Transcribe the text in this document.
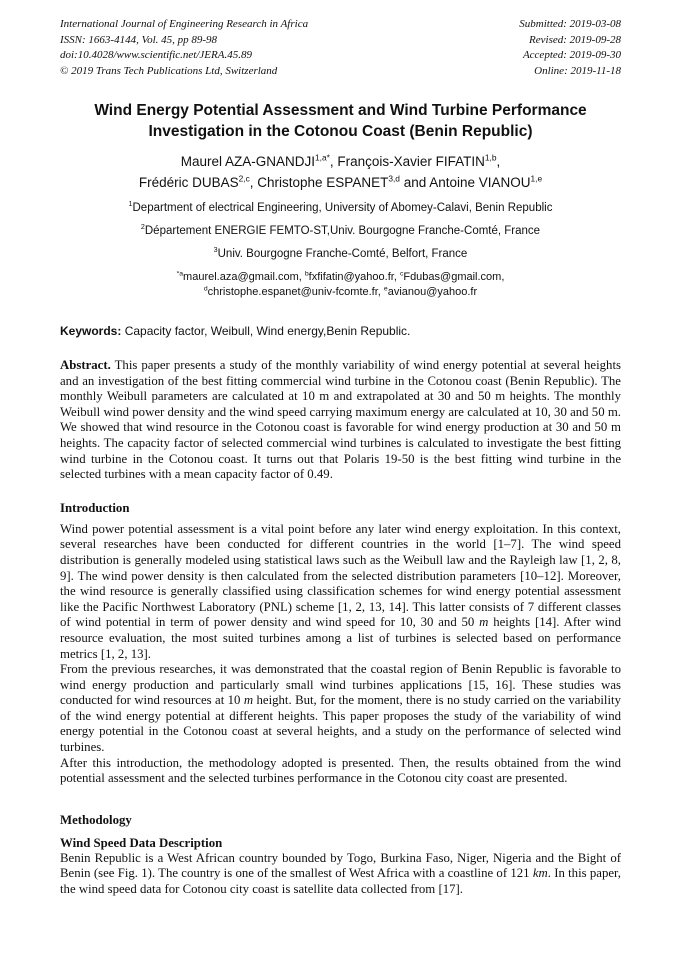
International Journal of Engineering Research in Africa
ISSN: 1663-4144, Vol. 45, pp 89-98
doi:10.4028/www.scientific.net/JERA.45.89
© 2019 Trans Tech Publications Ltd, Switzerland
Submitted: 2019-03-08
Revised: 2019-09-28
Accepted: 2019-09-30
Online: 2019-11-18
Wind Energy Potential Assessment and Wind Turbine Performance Investigation in the Cotonou Coast (Benin Republic)
Maurel AZA-$GNANDJI^{1,a*}$, François-Xavier FIFATIN$^{1,b}$,
Frédéric DUBAS$^{2,c}$, Christophe ESPANET$^{3,d}$ and Antoine VIANOU$^{1,e}$
$^1$Department of electrical Engineering, University of Abomey-Calavi, Benin Republic
$^2$Département ENERGIE FEMTO-ST,Univ. Bourgogne Franche-Comté, France
$^3$Univ. Bourgogne Franche-Comté, Belfort, France
$^{*a}$maurel.aza@gmail.com, $^b$fxfifatin@yahoo.fr, $^c$Fdubas@gmail.com,
$^d$christophe.espanet@univ-fcomte.fr, $^e$avianou@yahoo.fr
Keywords: Capacity factor, Weibull, Wind energy,Benin Republic.

Abstract. This paper presents a study of the monthly variability of wind energy potential at several heights and an investigation of the best fitting commercial wind turbine in the Cotonou coast (Benin Republic). The monthly Weibull parameters are calculated at 10 m and extrapolated at 30 and 50 m heights. The monthly Weibull wind power density and the wind speed carrying maximum energy are calculated at 10, 30 and 50 m. We showed that wind resource in the Cotonou coast is favorable for wind energy production at 30 and 50 m heights. The capacity factor of selected commercial wind turbines is calculated to investigate the best fitting wind turbine in the Cotonou coast. It turns out that Polaris 19-50 is the best fitting wind turbine in the selected turbines with a mean capacity factor of 0.49.

Introduction

Wind power potential assessment is a vital point before any later wind energy exploitation. In this context, several researches have been conducted for different countries in the world [1–7]. The wind speed distribution is generally modeled using statistical laws such as the Weibull law and the Rayleigh law [1, 2, 8, 9]. The wind power density is then calculated from the selected distribution parameters [10–12]. Moreover, the wind resource is generally classified using classification schemes for wind energy potential assessment like the Pacific Northwest Laboratory (PNL) scheme [1, 2, 13, 14]. This latter consists of 7 different classes of wind potential in term of power density and wind speed for 10, 30 and 50 m heights [14]. After wind resource evaluation, the most suited turbines among a list of turbines is selected based on performance metrics [1, 2, 13].

From the previous researches, it was demonstrated that the coastal region of Benin Republic is favorable to wind energy production and particularly small wind turbines applications [15, 16]. These studies was conducted for wind resources at 10 m height. But, for the moment, there is no study carried on the variability of the wind energy potential at different heights. This paper proposes the study of the variability of wind energy potential in the Cotonou coast at several heights, and a study on the performance of selected wind turbines.

After this introduction, the methodology adopted is presented. Then, the results obtained from the wind potential assessment and the selected turbines performance in the Cotonou city coast are presented.

Methodology
Wind Speed Data Description

Benin Republic is a West African country bounded by Togo, Burkina Faso, Niger, Nigeria and the Bight of Benin (see Fig. 1). The country is one of the smallest of West Africa with a coastline of 121 km. In this paper, the wind speed data for Cotonou city coast is satellite data collected from [17].
